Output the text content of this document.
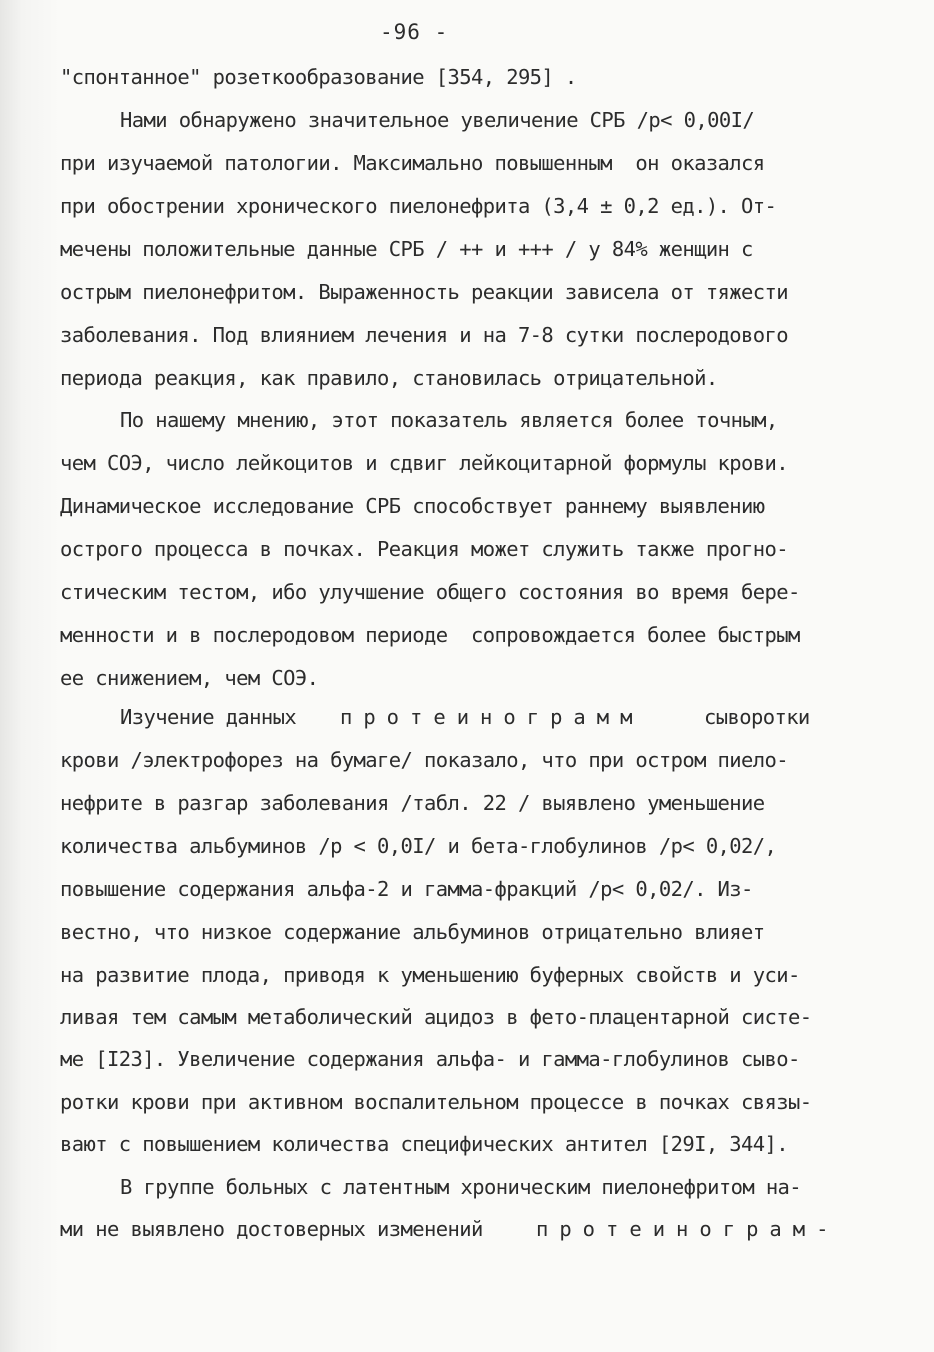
-96 -
"спонтанное" розеткообразование [354, 295] .
Нами обнаружено значительное увеличение СРБ /р< 0,00I/
при изучаемой патологии. Максимально повышенным  он оказался
при обострении хронического пиелонефрита (3,4 ± 0,2 ед.). От-
мечены положительные данные СРБ / ++ и +++ / у 84% женщин с
острым пиелонефритом. Выраженность реакции зависела от тяжести
заболевания. Под влиянием лечения и на 7-8 сутки послеродового
периода реакция, как правило, становилась отрицательной.
По нашему мнению, этот показатель является более точным,
чем СОЭ, число лейкоцитов и сдвиг лейкоцитарной формулы крови.
Динамическое исследование СРБ способствует раннему выявлению
острого процесса в почках. Реакция может служить также прогно-
стическим тестом, ибо улучшение общего состояния во время бере-
менности и в послеродовом периоде  сопровождается более быстрым
ее снижением, чем СОЭ.
Изучение данных протеинограмм	сыворотки
крови /электрофорез на бумаге/ показало, что при остром пиело-
нефрите в разгар заболевания /табл. 22 / выявлено уменьшение
количества альбуминов /р < 0,0I/ и бета-глобулинов /р< 0,02/,
повышение содержания альфа-2 и гамма-фракций /р< 0,02/. Из-
вестно, что низкое содержание альбуминов отрицательно влияет
на развитие плода, приводя к уменьшению буферных свойств и уси-
ливая тем самым метаболический ацидоз в фето-плацентарной систе-
ме [I23]. Увеличение содержания альфа- и гамма-глобулинов сыво-
ротки крови при активном воспалительном процессе в почках связы-
вают с повышением количества специфических антител [29I, 344].
В группе больных с латентным хроническим пиелонефритом на-
ми не выявлено достоверных изменений	протеинограм-
